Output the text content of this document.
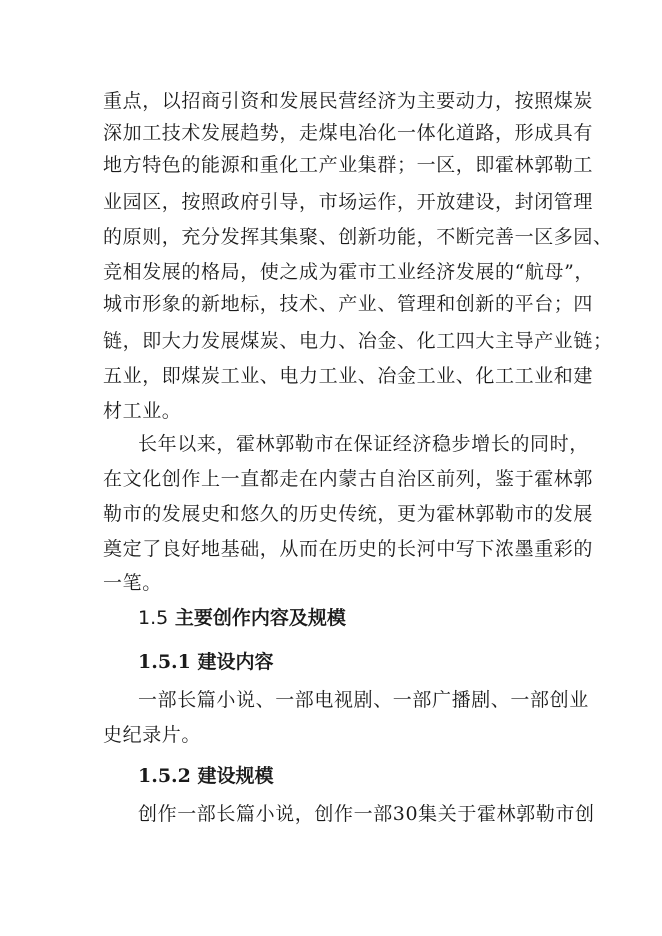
重点，以招商引资和发展民营经济为主要动力，按照煤炭
深加工技术发展趋势，走煤电冶化一体化道路，形成具有
地方特色的能源和重化工产业集群；一区，即霍林郭勒工
业园区，按照政府引导，市场运作，开放建设，封闭管理
的原则，充分发挥其集聚、创新功能，不断完善一区多园、
竞相发展的格局，使之成为霍市工业经济发展的“航母”，
城市形象的新地标，技术、产业、管理和创新的平台；四
链，即大力发展煤炭、电力、冶金、化工四大主导产业链；
五业，即煤炭工业、电力工业、冶金工业、化工工业和建
材工业。
长年以来，霍林郭勒市在保证经济稳步增长的同时，
在文化创作上一直都走在内蒙古自治区前列，鉴于霍林郭
勒市的发展史和悠久的历史传统，更为霍林郭勒市的发展
奠定了良好地基础，从而在历史的长河中写下浓墨重彩的
一笔。
1.5 主要创作内容及规模
1.5.1 建设内容
一部长篇小说、一部电视剧、一部广播剧、一部创业
史纪录片。
1.5.2 建设规模
创作一部长篇小说，创作一部30集关于霍林郭勒市创
